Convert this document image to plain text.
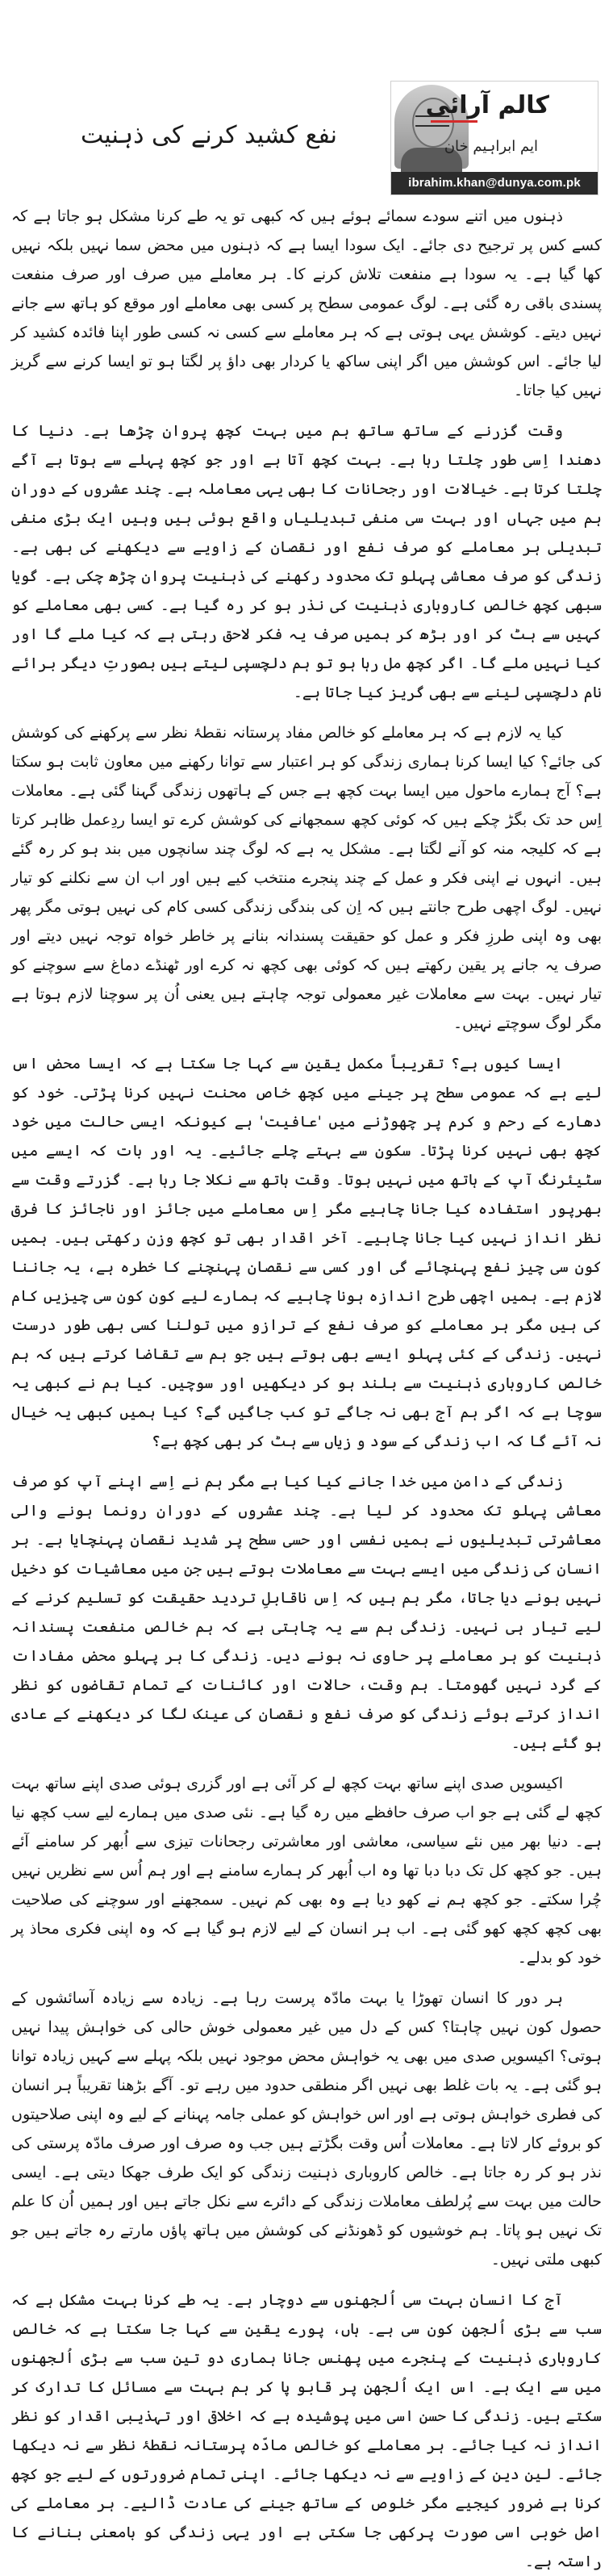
نفع کشید کرنے کی ذہنیت
کالم آرائی
ایم ابراہیم خان
ibrahim.khan@dunya.com.pk

ذہنوں میں اتنے سودے سمائے ہوئے ہیں کہ کبھی تو یہ طے کرنا مشکل ہو جاتا ہے کہ کسے کس پر ترجیح دی جائے۔ ایک سودا ایسا ہے کہ ذہنوں میں محض سما نہیں بلکہ نہیں کھا گیا ہے۔ یہ سودا ہے منفعت تلاش کرنے کا۔ ہر معاملے میں صرف اور صرف منفعت پسندی باقی رہ گئی ہے۔ لوگ عمومی سطح پر کسی بھی معاملے اور موقع کو ہاتھ سے جانے نہیں دیتے۔ کوشش یہی ہوتی ہے کہ ہر معاملے سے کسی نہ کسی طور اپنا فائدہ کشید کر لیا جائے۔ اس کوشش میں اگر اپنی ساکھ یا کردار بھی داؤ پر لگتا ہو تو ایسا کرنے سے گریز نہیں کیا جاتا۔

وقت گزرنے کے ساتھ ساتھ ہم میں بہت کچھ پروان چڑھا ہے۔ دنیا کا دھندا اِسی طور چلتا رہا ہے۔ بہت کچھ آتا ہے اور جو کچھ پہلے سے ہوتا ہے آگے چلتا کرتا ہے۔ خیالات اور رجحانات کا بھی یہی معاملہ ہے۔ چند عشروں کے دوران ہم میں جہاں اور بہت سی منفی تبدیلیاں واقع ہوئی ہیں وہیں ایک بڑی منفی تبدیلی ہر معاملے کو صرف نفع اور نقصان کے زاویے سے دیکھنے کی بھی ہے۔ زندگی کو صرف معاشی پہلو تک محدود رکھنے کی ذہنیت پروان چڑھ چکی ہے۔ گویا سبھی کچھ خالص کاروباری ذہنیت کی نذر ہو کر رہ گیا ہے۔ کسی بھی معاملے کو کہیں سے ہٹ کر اور بڑھ کر ہمیں صرف یہ فکر لاحق رہتی ہے کہ کیا ملے گا اور کیا نہیں ملے گا۔ اگر کچھ مل رہا ہو تو ہم دلچسپی لیتے ہیں بصورتِ دیگر برائے نام دلچسپی لینے سے بھی گریز کیا جاتا ہے۔

کیا یہ لازم ہے کہ ہر معاملے کو خالص مفاد پرستانہ نقطۂ نظر سے پرکھنے کی کوشش کی جائے؟ کیا ایسا کرنا ہماری زندگی کو ہر اعتبار سے توانا رکھنے میں معاون ثابت ہو سکتا ہے؟ آج ہمارے ماحول میں ایسا بہت کچھ ہے جس کے ہاتھوں زندگی گہنا گئی ہے۔ معاملات اِس حد تک بگڑ چکے ہیں کہ کوئی کچھ سمجھانے کی کوشش کرے تو ایسا ردِعمل ظاہر کرتا ہے کہ کلیجہ منہ کو آنے لگتا ہے۔ مشکل یہ ہے کہ لوگ چند سانچوں میں بند ہو کر رہ گئے ہیں۔ انہوں نے اپنی فکر و عمل کے چند پنجرے منتخب کیے ہیں اور اب ان سے نکلنے کو تیار نہیں۔ لوگ اچھی طرح جانتے ہیں کہ اِن کی بندگی زندگی کسی کام کی نہیں ہوتی مگر پھر بھی وہ اپنی طرزِ فکر و عمل کو حقیقت پسندانہ بنانے پر خاطر خواہ توجہ نہیں دیتے اور صرف یہ جانے پر یقین رکھتے ہیں کہ کوئی بھی کچھ نہ کرے اور ٹھنڈے دماغ سے سوچنے کو تیار نہیں۔ بہت سے معاملات غیر معمولی توجہ چاہتے ہیں یعنی اُن پر سوچنا لازم ہوتا ہے مگر لوگ سوچتے نہیں۔

ایسا کیوں ہے؟ تقریباً مکمل یقین سے کہا جا سکتا ہے کہ ایسا محض اس لیے ہے کہ عمومی سطح پر جینے میں کچھ خاص محنت نہیں کرنا پڑتی۔ خود کو دھارے کے رحم و کرم پر چھوڑنے میں 'عافیت' ہے کیونکہ ایسی حالت میں خود کچھ بھی نہیں کرنا پڑتا۔ سکون سے بہتے چلے جائیے۔ یہ اور بات کہ ایسے میں سٹیئرنگ آپ کے ہاتھ میں نہیں ہوتا۔ وقت ہاتھ سے نکلا جا رہا ہے۔ گزرتے وقت سے بھرپور استفادہ کیا جانا چاہیے مگر اِس معاملے میں جائز اور ناجائز کا فرق نظر انداز نہیں کیا جانا چاہیے۔ آخر اقدار بھی تو کچھ وزن رکھتی ہیں۔ ہمیں کون سی چیز نفع پہنچائے گی اور کسی سے نقصان پہنچنے کا خطرہ ہے، یہ جاننا لازم ہے۔ ہمیں اچھی طرح اندازہ ہونا چاہیے کہ ہمارے لیے کون کون سی چیزیں کام کی ہیں مگر ہر معاملے کو صرف نفع کے ترازو میں تولنا کسی بھی طور درست نہیں۔ زندگی کے کئی پہلو ایسے بھی ہوتے ہیں جو ہم سے تقاضا کرتے ہیں کہ ہم خالص کاروباری ذہنیت سے بلند ہو کر دیکھیں اور سوچیں۔ کیا ہم نے کبھی یہ سوچا ہے کہ اگر ہم آج بھی نہ جاگے تو کب جاگیں گے؟ کیا ہمیں کبھی یہ خیال نہ آئے گا کہ اب زندگی کے سود و زیاں سے ہٹ کر بھی کچھ ہے؟

زندگی کے دامن میں خدا جانے کیا کیا ہے مگر ہم نے اِسے اپنے آپ کو صرف معاشی پہلو تک محدود کر لیا ہے۔ چند عشروں کے دوران رونما ہونے والی معاشرتی تبدیلیوں نے ہمیں نفسی اور حسی سطح پر شدید نقصان پہنچایا ہے۔ ہر انسان کی زندگی میں ایسے بہت سے معاملات ہوتے ہیں جن میں معاشیات کو دخیل نہیں ہونے دیا جاتا، مگر ہم ہیں کہ اِس ناقابلِ تردید حقیقت کو تسلیم کرنے کے لیے تیار ہی نہیں۔ زندگی ہم سے یہ چاہتی ہے کہ ہم خالص منفعت پسندانہ ذہنیت کو ہر معاملے پر حاوی نہ ہونے دیں۔ زندگی کا ہر پہلو محض مفادات کے گرد نہیں گھومتا۔ ہم وقت، حالات اور کائنات کے تمام تقاضوں کو نظر انداز کرتے ہوئے زندگی کو صرف نفع و نقصان کی عینک لگا کر دیکھنے کے عادی ہو گئے ہیں۔

اکیسویں صدی اپنے ساتھ بہت کچھ لے کر آئی ہے اور گزری ہوئی صدی اپنے ساتھ بہت کچھ لے گئی ہے جو اب صرف حافظے میں رہ گیا ہے۔ نئی صدی میں ہمارے لیے سب کچھ نیا ہے۔ دنیا بھر میں نئے سیاسی، معاشی اور معاشرتی رجحانات تیزی سے اُبھر کر سامنے آئے ہیں۔ جو کچھ کل تک دبا دبا تھا وہ اب اُبھر کر ہمارے سامنے ہے اور ہم اُس سے نظریں نہیں چُرا سکتے۔ جو کچھ ہم نے کھو دیا ہے وہ بھی کم نہیں۔ سمجھنے اور سوچنے کی صلاحیت بھی کچھ کچھ کھو گئی ہے۔ اب ہر انسان کے لیے لازم ہو گیا ہے کہ وہ اپنی فکری محاذ پر خود کو بدلے۔

ہر دور کا انسان تھوڑا یا بہت مادّہ پرست رہا ہے۔ زیادہ سے زیادہ آسائشوں کے حصول کون نہیں چاہتا؟ کس کے دل میں غیر معمولی خوش حالی کی خواہش پیدا نہیں ہوتی؟ اکیسویں صدی میں بھی یہ خواہش محض موجود نہیں بلکہ پہلے سے کہیں زیادہ توانا ہو گئی ہے۔ یہ بات غلط بھی نہیں اگر منطقی حدود میں رہے تو۔ آگے بڑھنا تقریباً ہر انسان کی فطری خواہش ہوتی ہے اور اس خواہش کو عملی جامہ پہنانے کے لیے وہ اپنی صلاحیتوں کو بروئے کار لاتا ہے۔ معاملات اُس وقت بگڑتے ہیں جب وہ صرف اور صرف مادّہ پرستی کی نذر ہو کر رہ جاتا ہے۔ خالص کاروباری ذہنیت زندگی کو ایک طرف جھکا دیتی ہے۔ ایسی حالت میں بہت سے پُرلطف معاملات زندگی کے دائرے سے نکل جاتے ہیں اور ہمیں اُن کا علم تک نہیں ہو پاتا۔ ہم خوشیوں کو ڈھونڈنے کی کوشش میں ہاتھ پاؤں مارتے رہ جاتے ہیں جو کبھی ملتی نہیں۔

آج کا انسان بہت سی اُلجھنوں سے دوچار ہے۔ یہ طے کرنا بہت مشکل ہے کہ سب سے بڑی اُلجھن کون سی ہے۔ ہاں، پورے یقین سے کہا جا سکتا ہے کہ خالص کاروباری ذہنیت کے پنجرے میں پھنس جانا ہماری دو تین سب سے بڑی اُلجھنوں میں سے ایک ہے۔ اس ایک اُلجھن پر قابو پا کر ہم بہت سے مسائل کا تدارک کر سکتے ہیں۔ زندگی کا حسن اسی میں پوشیدہ ہے کہ اخلاقی اور تہذیبی اقدار کو نظر انداز نہ کیا جائے۔ ہر معاملے کو خالص مادّہ پرستانہ نقطۂ نظر سے نہ دیکھا جائے۔ لین دین کے زاویے سے نہ دیکھا جائے۔ اپنی تمام ضرورتوں کے لیے جو کچھ کرنا ہے ضرور کیجیے مگر خلوص کے ساتھ جینے کی عادت ڈالیے۔ ہر معاملے کی اصل خوبی اسی صورت پرکھی جا سکتی ہے اور یہی زندگی کو بامعنی بنانے کا راستہ ہے۔
